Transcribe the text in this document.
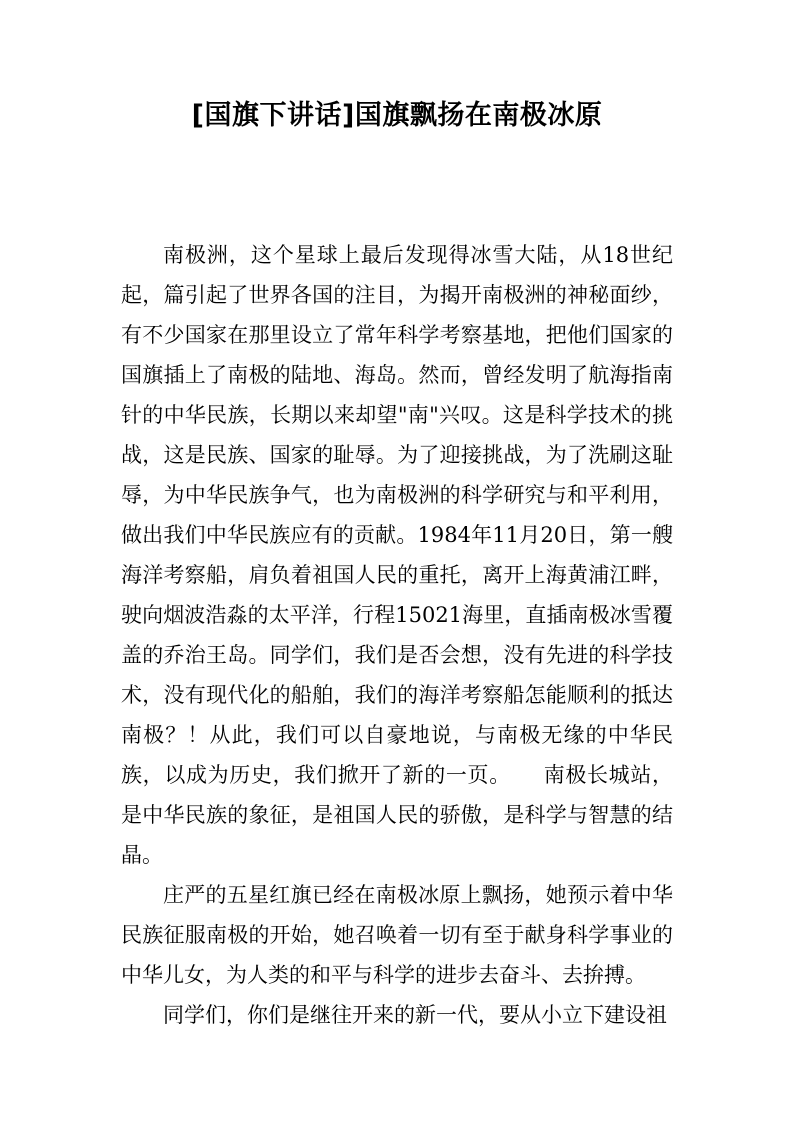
[国旗下讲话]国旗飘扬在南极冰原

南极洲，这个星球上最后发现得冰雪大陆，从18世纪起，篇引起了世界各国的注目，为揭开南极洲的神秘面纱，有不少国家在那里设立了常年科学考察基地，把他们国家的国旗插上了南极的陆地、海岛。然而，曾经发明了航海指南针的中华民族，长期以来却望"南"兴叹。这是科学技术的挑战，这是民族、国家的耻辱。为了迎接挑战，为了洗刷这耻辱，为中华民族争气，也为南极洲的科学研究与和平利用，做出我们中华民族应有的贡献。1984年11月20日，第一艘海洋考察船，肩负着祖国人民的重托，离开上海黄浦江畔，驶向烟波浩淼的太平洋，行程15021海里，直插南极冰雪覆盖的乔治王岛。同学们，我们是否会想，没有先进的科学技术，没有现代化的船舶，我们的海洋考察船怎能顺利的抵达南极？！从此，我们可以自豪地说，与南极无缘的中华民族，以成为历史，我们掀开了新的一页。　　南极长城站，是中华民族的象征，是祖国人民的骄傲，是科学与智慧的结晶。

庄严的五星红旗已经在南极冰原上飘扬，她预示着中华民族征服南极的开始，她召唤着一切有至于献身科学事业的中华儿女，为人类的和平与科学的进步去奋斗、去拚搏。

同学们，你们是继往开来的新一代，要从小立下建设祖
